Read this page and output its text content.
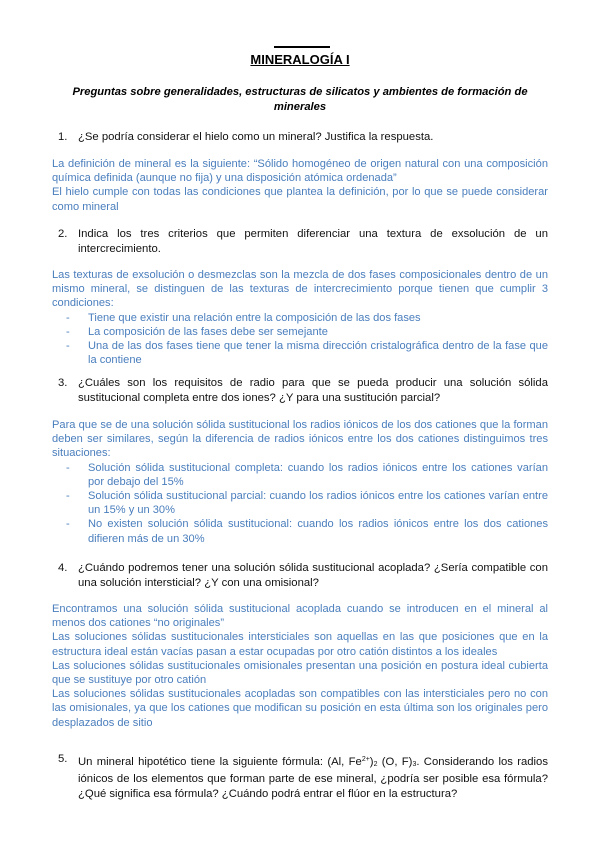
MINERALOGÍA I
Preguntas sobre generalidades, estructuras de silicatos y ambientes de formación de minerales
1. ¿Se podría considerar el hielo como un mineral? Justifica la respuesta.

La definición de mineral es la siguiente: “Sólido homogéneo de origen natural con una composición química definida (aunque no fija) y una disposición atómica ordenada”

El hielo cumple con todas las condiciones que plantea la definición, por lo que se puede considerar como mineral

2. Indica los tres criterios que permiten diferenciar una textura de exsolución de un intercrecimiento.

Las texturas de exsolución o desmezclas son la mezcla de dos fases composicionales dentro de un mismo mineral, se distinguen de las texturas de intercrecimiento porque tienen que cumplir 3 condiciones:

- Tiene que existir una relación entre la composición de las dos fases
- La composición de las fases debe ser semejante
- Una de las dos fases tiene que tener la misma dirección cristalográfica dentro de la fase que la contiene
3. ¿Cuáles son los requisitos de radio para que se pueda producir una solución sólida sustitucional completa entre dos iones? ¿Y para una sustitución parcial?

Para que se de una solución sólida sustitucional los radios iónicos de los dos cationes que la forman deben ser similares, según la diferencia de radios iónicos entre los dos cationes distinguimos tres situaciones:

- Solución sólida sustitucional completa: cuando los radios iónicos entre los cationes varían por debajo del 15%
- Solución sólida sustitucional parcial: cuando los radios iónicos entre los cationes varían entre un 15% y un 30%
- No existen solución sólida sustitucional: cuando los radios iónicos entre los dos cationes difieren más de un 30%
4. ¿Cuándo podremos tener una solución sólida sustitucional acoplada? ¿Sería compatible con una solución intersticial? ¿Y con una omisional?

Encontramos una solución sólida sustitucional acoplada cuando se introducen en el mineral al menos dos cationes “no originales”

Las soluciones sólidas sustitucionales intersticiales son aquellas en las que posiciones que en la estructura ideal están vacías pasan a estar ocupadas por otro catión distintos a los ideales

Las soluciones sólidas sustitucionales omisionales presentan una posición en postura ideal cubierta que se sustituye por otro catión

Las soluciones sólidas sustitucionales acopladas son compatibles con las intersticiales pero no con las omisionales, ya que los cationes que modifican su posición en esta última son los originales pero desplazados de sitio

5. Un mineral hipotético tiene la siguiente fórmula: (Al, $Fe^{2+})_2$ (O, $F)_3$. Considerando los radios iónicos de los elementos que forman parte de ese mineral, ¿podría ser posible esa fórmula? ¿Qué significa esa fórmula? ¿Cuándo podrá entrar el flúor en la estructura?
